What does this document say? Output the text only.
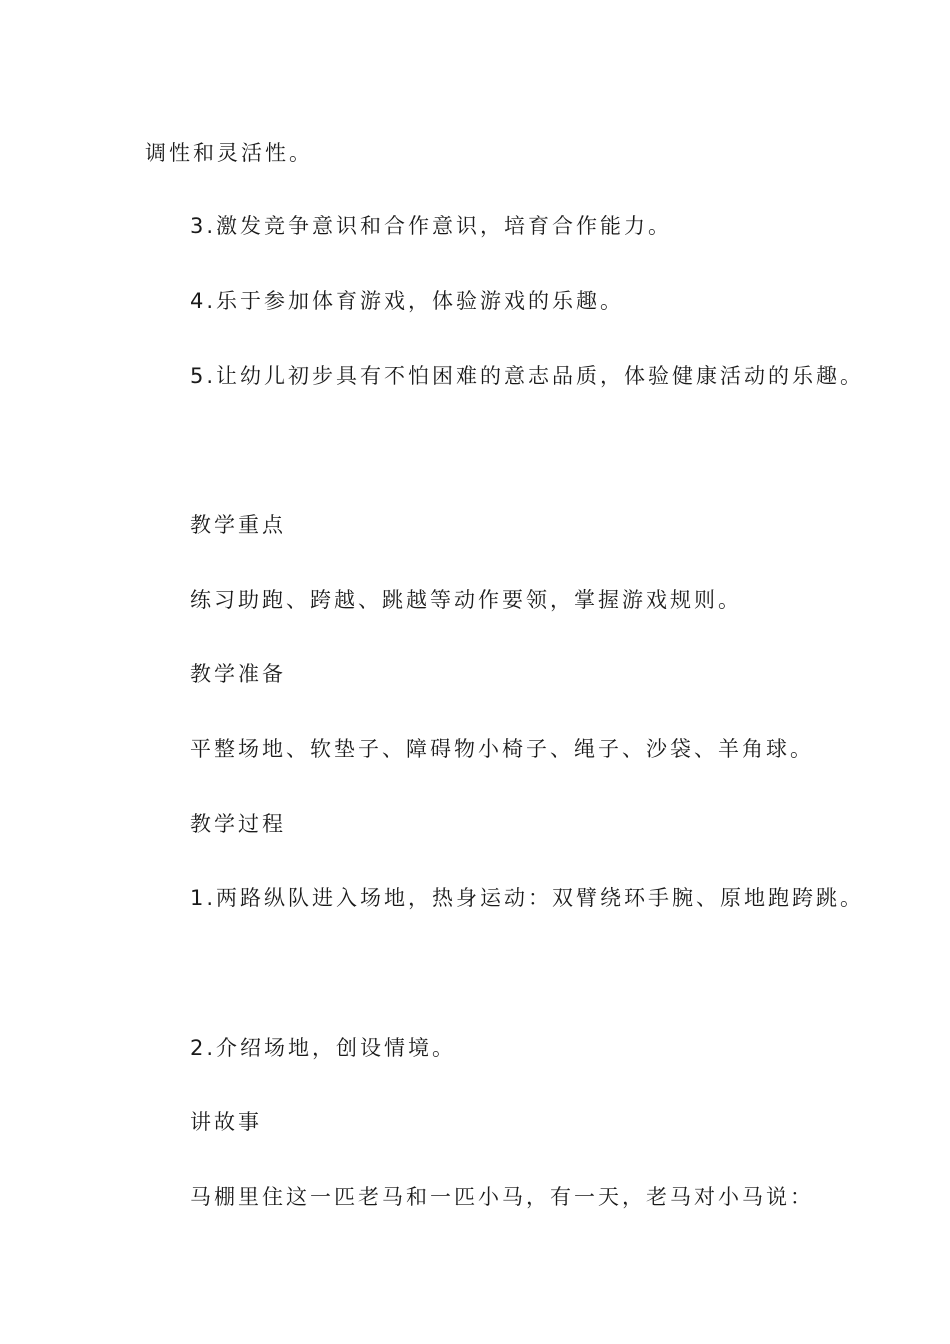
调性和灵活性。
3.激发竞争意识和合作意识，培育合作能力。
4.乐于参加体育游戏，体验游戏的乐趣。
5.让幼儿初步具有不怕困难的意志品质，体验健康活动的乐趣。
教学重点
练习助跑、跨越、跳越等动作要领，掌握游戏规则。
教学准备
平整场地、软垫子、障碍物小椅子、绳子、沙袋、羊角球。
教学过程
1.两路纵队进入场地，热身运动：双臂绕环手腕、原地跑跨跳。
2.介绍场地，创设情境。
讲故事
马棚里住这一匹老马和一匹小马，有一天，老马对小马说：
